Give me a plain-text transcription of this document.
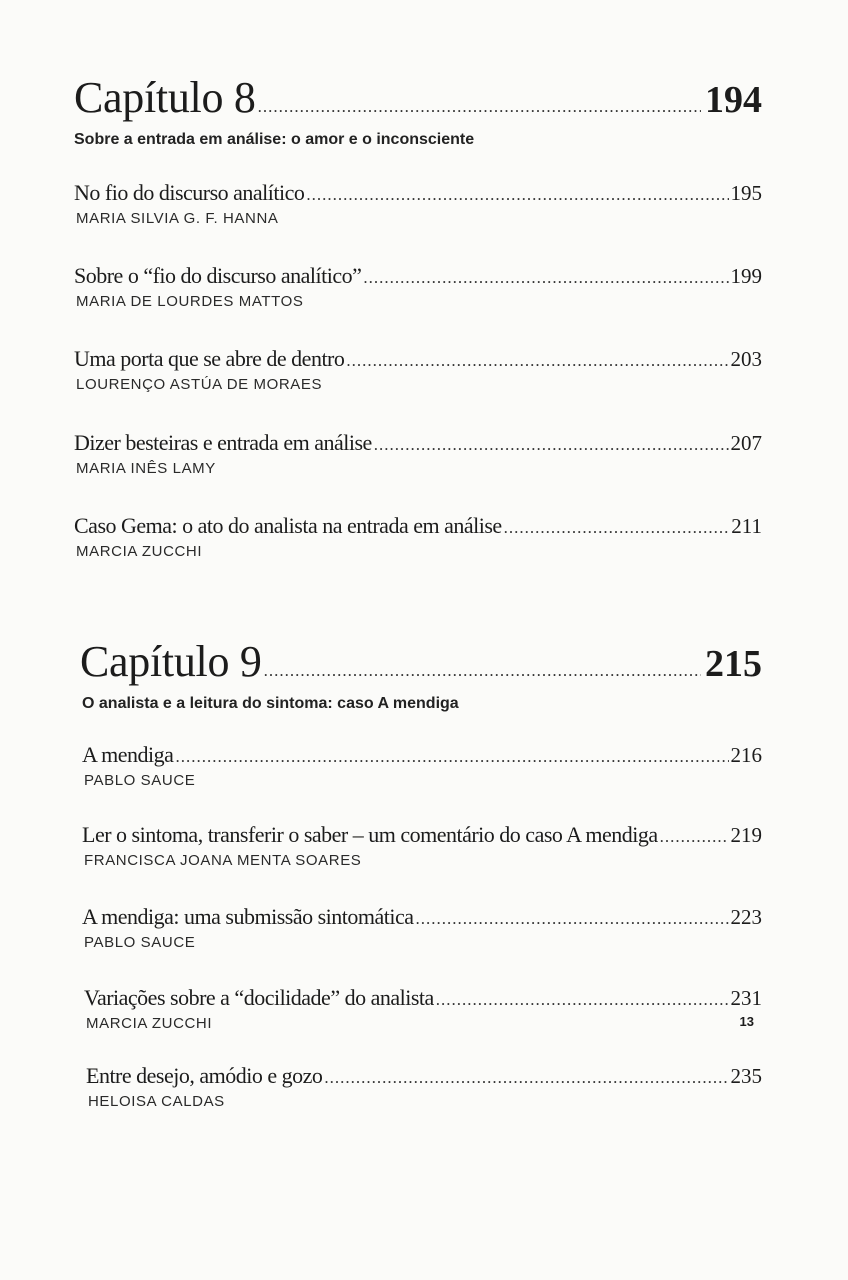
Capítulo 8 .....	194
Sobre a entrada em análise: o amor e o inconsciente
No fio do discurso analítico .....	195
MARIA SILVIA G. F. HANNA
Sobre o “fio do discurso analítico” .....	199
MARIA DE LOURDES MATTOS
Uma porta que se abre de dentro .....	203
LOURENÇO ASTÚA DE MORAES
Dizer besteiras e entrada em análise .....	207
MARIA INÊS LAMY
Caso Gema: o ato do analista na entrada em análise .....	211
MARCIA ZUCCHI
Capítulo 9 .....	215
O analista e a leitura do sintoma: caso A mendiga
A mendiga .....	216
PABLO SAUCE
Ler o sintoma, transferir o saber – um comentário do caso A mendiga .....	219
FRANCISCA JOANA MENTA SOARES
A mendiga: uma submissão sintomática .....	223
PABLO SAUCE
Variações sobre a “docilidade” do analista .....	231
MARCIA ZUCCHI
Entre desejo, amódio e gozo .....	235
HELOISA CALDAS
13
